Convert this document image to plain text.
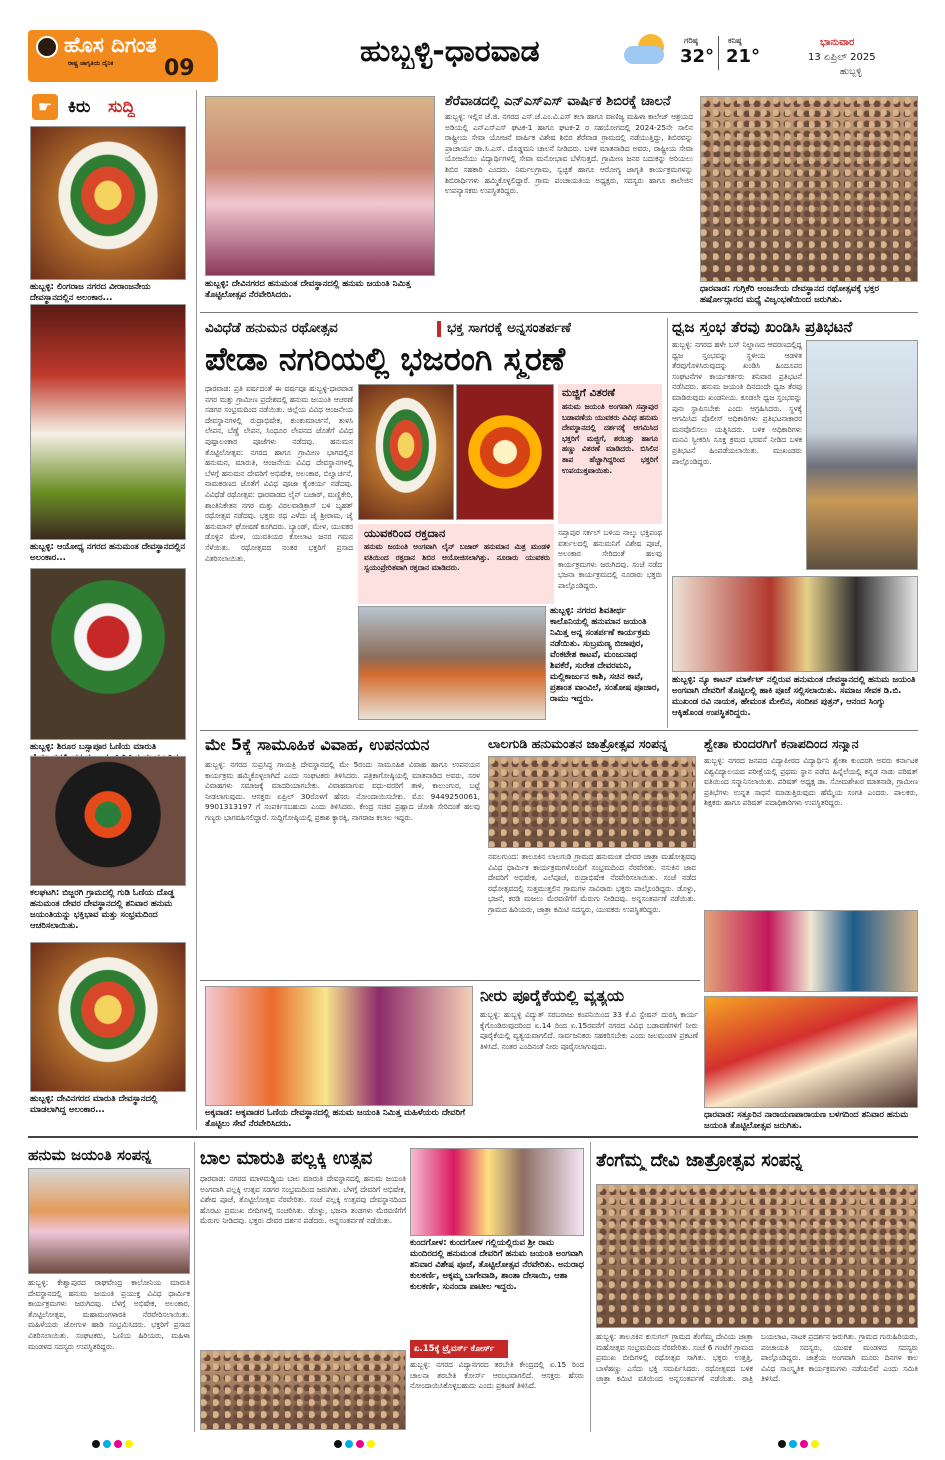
ಹೊಸ ದಿಗಂತ
ರಾಷ್ಟ್ರ ಜಾಗೃತಿಯ ದೈನಿಕ 09	ಹುಬ್ಬಳ್ಳಿ-ಧಾರವಾಡ	ಗರಿಷ್ಠ
32°
ಕನಿಷ್ಠ
21°
ಭಾನುವಾರ
13 ಏಪ್ರಿಲ್ 2025
ಹುಬ್ಬಳ್ಳಿ
☛ ಕಿರು ಸುದ್ದಿ
ಹುಬ್ಬಳ್ಳಿ: ಲಿಂಗರಾಜ ನಗರದ ವೀರಾಂಜನೇಯ ದೇವಸ್ಥಾನದಲ್ಲಿನ ಅಲಂಕಾರ...
ಹುಬ್ಬಳ್ಳಿ: ಆಯೋಧ್ಯ ನಗರದ ಹನುಮಂತ ದೇವಸ್ಥಾನದಲ್ಲಿನ ಅಲಂಕಾರ...
ಹುಬ್ಬಳ್ಳಿ: ಶಿರೂರ ಬಸ್ಸಾಪೂರ ಓಣಿಯ ಮಾರುತಿ
ಕಲಘಟಗಿ: ಬಿಜ್ಜರಗಿ ಗ್ರಾಮದಲ್ಲಿ ಗುಡಿ ಓಣಿಯ ದೊಡ್ಡ ಹನುಮಂತ ದೇವರ ದೇವಸ್ಥಾನದಲ್ಲಿ ಶನಿವಾರ ಹನುಮ ಜಯಂತಿಯನ್ನು ಭಕ್ತಿಭಾವ ಮತ್ತು ಸಂಭ್ರಮದಿಂದ ಆಚರಿಸಲಾಯಿತು.
ಹುಬ್ಬಳ್ಳಿ: ದೇವಿನಗರದ ಮಾರುತಿ ದೇವಸ್ಥಾನದಲ್ಲಿ ಮಾಡಲಾಗಿದ್ದ ಅಲಂಕಾರ...
ಹುಬ್ಬಳ್ಳಿ: ದೇವಿನಗರದ ಹನುಮಂತ ದೇವಸ್ಥಾನದಲ್ಲಿ ಹನುಮ ಜಯಂತಿ ನಿಮಿತ್ತ ತೊಟ್ಟಿಲೋತ್ಸವ ನೆರವೇರಿಸಿದರು.
ಶೆರೆವಾಡದಲ್ಲಿ ಎನ್ಎಸ್ಎಸ್ ವಾರ್ಷಿಕ ಶಿಬಿರಕ್ಕೆ ಚಾಲನೆ
ಹುಬ್ಬಳ್ಳಿ: ಇಲ್ಲಿನ ಜೆ.ಜಿ. ನಗರದ ಎಸ್.ಜೆ.ಎಂ.ವಿ.ಎಸ್ ಕಲಾ ಹಾಗೂ ವಾಣಿಜ್ಯ ಮಹಿಳಾ ಕಾಲೇಜ್ ಆಶ್ರಯದ ಅಡಿಯಲ್ಲಿ ಎನ್ಎಸ್ಎಸ್ ಘಟಕ-1 ಹಾಗೂ ಘಟಕ-2 ರ ಸಹಯೋಗದಲ್ಲಿ 2024-25ನೇ ಸಾಲಿನ ರಾಷ್ಟ್ರೀಯ ಸೇವಾ ಯೋಜನೆ ವಾರ್ಷಿಕ ವಿಶೇಷ ಶಿಬಿರ ಶೆರೆವಾಡ ಗ್ರಾಮದಲ್ಲಿ ನಡೆಯುತ್ತಿದ್ದು, ಶಿಬಿರವನ್ನು ಪ್ರಾಚಾರ್ಯ ಡಾ.ಸಿ.ಎಸ್. ದೊಡ್ಡಮನಿ ಚಾಲನೆ ನೀಡಿದರು. ಬಳಿಕ ಮಾತನಾಡಿದ ಅವರು, ರಾಷ್ಟ್ರೀಯ ಸೇವಾ ಯೋಜನೆಯು ವಿದ್ಯಾರ್ಥಿಗಳಲ್ಲಿ ಸೇವಾ ಮನೋಭಾವ ಬೆಳೆಸುತ್ತದೆ. ಗ್ರಾಮೀಣ ಜನರ ಬದುಕನ್ನು ಅರಿಯಲು ಶಿಬಿರ ಸಹಕಾರಿ ಎಂದರು. ನಿರ್ಮಲಗ್ರಾಮ, ಸ್ವಚ್ಛತೆ ಹಾಗೂ ಆರೋಗ್ಯ ಜಾಗೃತಿ ಕಾರ್ಯಕ್ರಮಗಳನ್ನು ಶಿಬಿರಾರ್ಥಿಗಳು ಹಮ್ಮಿಕೊಳ್ಳಲಿದ್ದಾರೆ. ಗ್ರಾಮ ಪಂಚಾಯತಿಯ ಅಧ್ಯಕ್ಷರು, ಸದಸ್ಯರು ಹಾಗೂ ಕಾಲೇಜಿನ ಉಪನ್ಯಾಸಕರು ಉಪಸ್ಥಿತರಿದ್ದರು.
ಧಾರವಾಡ: ಗುಗ್ಗಿಕೆರಿ ಆಂಜನೇಯ ದೇವಸ್ಥಾನದ ರಥೋತ್ಸವಕ್ಕೆ ಭಕ್ತರ ಹರ್ಷೋದ್ಗಾರದ ಮಧ್ಯೆ ವಿಜೃಂಭಣೆಯಿಂದ ಜರುಗಿತು.
ವಿವಿಧೆಡೆ ಹನುಮನ ರಥೋತ್ಸವ	ಭಕ್ತ ಸಾಗರಕ್ಕೆ ಅನ್ನಸಂತರ್ಪಣೆ
ಪೇಡಾ ನಗರಿಯಲ್ಲಿ ಭಜರಂಗಿ ಸ್ಮರಣೆ
ಧಾರವಾಡ: ಪ್ರತಿ ವರ್ಷದಂತೆ ಈ ವರ್ಷವೂ ಹುಬ್ಬಳ್ಳಿ-ಧಾರವಾಡ ನಗರ ಮತ್ತು ಗ್ರಾಮೀಣ ಪ್ರದೇಶದಲ್ಲಿ ಹನುಮ ಜಯಂತಿ ಆಚರಣೆ ಸಡಗರ ಸಂಭ್ರಮದಿಂದ ನಡೆಯಿತು. ಜಿಲ್ಲೆಯ ವಿವಿಧ ಆಂಜನೇಯ ದೇವಸ್ಥಾನಗಳಲ್ಲಿ ರುದ್ರಾಭಿಷೇಕ, ಕುಂಕುಮಾರ್ಚನೆ, ತುಳಸಿ ಲೇಪನ, ಬೆಣ್ಣೆ ಲೇಪನ, ಸಿಂಧೂರ ಲೇಪನದ ಜೊತೆಗೆ ವಿವಿಧ ಪುಷ್ಪಾಲಂಕಾರ ಪೂಜೆಗಳು ನಡೆದವು. ಹನುಮನ ತೊಟ್ಟಿಲೋತ್ಸವ: ನಗರದ ಹಾಗೂ ಗ್ರಾಮೀಣ ಭಾಗದಲ್ಲಿನ ಹನುಮನ, ಮಾರುತಿ, ಆಂಜನೇಯ ವಿವಿಧ ದೇವಸ್ಥಾನಗಳಲ್ಲಿ ಬೆಳಗ್ಗೆ ಹನುಮನ ದೇವರಿಗೆ ಅಭಿಷೇಕ, ಅಲಂಕಾರ, ಬಿಲ್ವಾರ್ಚನೆ, ನಾಮಕರಣದ ಜೊತೆಗೆ ವಿವಿಧ ಪೂಜಾ ಕೈಂಕರ್ಯ ನಡೆದವು. ವಿವಿಧೆಡೆ ರಥೋತ್ಸವ: ಧಾರವಾಡದ ಲೈನ್ ಬಜಾರ್, ಮಣ್ಣಿಕೇರಿ, ಶಾಂತಿನಿಕೇತನ ನಗರ ಮತ್ತು ವಿಠಲವಾಡಿಕ್ರಾಸ್ ಬಳಿ ಬೃಹತ್ ರಥೋತ್ಸವ ನಡೆದವು. ಭಕ್ತರು ರಥ ಎಳೆದು ಜೈ ಶ್ರೀರಾಮ, ಜೈ ಹನುಮಾನ್ ಘೋಷಣೆ ಕೂಗಿದರು. ಬ್ಯಾಂಡ್, ಮೇಳ, ಯುವಕರ ಡೊಳ್ಳಿನ ಮೇಳ, ಯುವತಿಯರ ಕೋಲಾಟ ಜನರ ಗಮನ ಸೆಳೆಯಿತು. ರಥೋತ್ಸವದ ನಂತರ ಭಕ್ತರಿಗೆ ಪ್ರಸಾದ ವಿತರಿಸಲಾಯಿತು.
ಮಜ್ಜಿಗೆ ವಿತರಣೆ
ಹನುಮ ಜಯಂತಿ ಅಂಗವಾಗಿ ಸಪ್ತಾಪುರ ಬಡಾವಣೆಯ ಯುವಕರು ವಿವಿಧ ಹನುಮ ದೇವಸ್ಥಾನದಲ್ಲಿ ದರ್ಶನಕ್ಕೆ ಆಗಮಿಸಿದ ಭಕ್ತರಿಗೆ ಮಜ್ಜಿಗೆ, ಶರಬತ್ತು ಹಾಗೂ ಹಣ್ಣು ವಿತರಣೆ ಮಾಡಿದರು. ಬಿಸಿಲಿನ ತಾಪ ಹೆಚ್ಚಾಗಿದ್ದರಿಂದ ಭಕ್ತರಿಗೆ ಉಪಯುಕ್ತವಾಯಿತು.
ಸಪ್ತಾಪುರ ಸರ್ಕಲ್ ಬಳಿಯ ನಾಲ್ಕು ಭಕ್ತಿಪಂಥ ವರ್ತುಲದಲ್ಲಿ ಹನುಮನಿಗೆ ವಿಶೇಷ ಪೂಜೆ, ಅಲಂಕಾರ ಸೇರಿದಂತೆ ಹಲವು ಕಾರ್ಯಕ್ರಮಗಳು ಜರುಗಿದವು. ಸಂಜೆ ನಡೆದ ಭಜನಾ ಕಾರ್ಯಕ್ರಮದಲ್ಲಿ ನೂರಾರು ಭಕ್ತರು ಪಾಲ್ಗೊಂಡಿದ್ದರು.
ಯುವಕರಿಂದ ರಕ್ತದಾನ
ಹನುಮ ಜಯಂತಿ ಅಂಗವಾಗಿ ಲೈನ್ ಬಜಾರ್ ಹನುಮಾನ ಮಿತ್ರ ಮಂಡಳಿ ವತಿಯಿಂದ ರಕ್ತದಾನ ಶಿಬಿರ ಆಯೋಜಿಸಲಾಗಿತ್ತು. ನೂರಾರು ಯುವಕರು ಸ್ವಯಂಪ್ರೇರಿತವಾಗಿ ರಕ್ತದಾನ ಮಾಡಿದರು.
ಹುಬ್ಬಳ್ಳಿ: ನಗರದ ಶಿವತೀರ್ಥ ಕಾಲೊನಿಯಲ್ಲಿ ಹನುಮಾನ ಜಯಂತಿ ನಿಮಿತ್ತ ಅನ್ನ ಸಂತರ್ಪಣೆ ಕಾರ್ಯಕ್ರಮ ನಡೆಯಿತು. ಸುಬ್ರಮಣ್ಯ ಬಿಜಾಪುರ, ವೆಂಕಟೇಶ ಕಾಟವೆ, ಮಂಜುನಾಥ ಶಿವಕೆರೆ, ಸುರೇಶ ದೇವರಮನಿ, ಮಲ್ಲಿಕಾರ್ಜುನ ಕಾಶಿ, ಸಚಿನ ಕಾವೆ, ಪ್ರಶಾಂತ ವಾಂವಿಲೆ, ಸಂತೋಷ ಪೂಜಾರ, ರಾಮು ಇದ್ದರು.
ಧ್ವಜ ಸ್ತಂಭ ತೆರವು ಖಂಡಿಸಿ ಪ್ರತಿಭಟನೆ
ಹುಬ್ಬಳ್ಳಿ: ನಗರದ ಹಳೇ ಬಸ್ ನಿಲ್ದಾಣದ ಆವರಣದಲ್ಲಿದ್ದ ಧ್ವಜ ಸ್ತಂಭವನ್ನು ಸ್ಥಳೀಯ ಆಡಳಿತ ತೆರವುಗೊಳಿಸಿರುವುದನ್ನು ಖಂಡಿಸಿ ಹಿಂದೂಪರ ಸಂಘಟನೆಗಳ ಕಾರ್ಯಕರ್ತರು ಶನಿವಾರ ಪ್ರತಿಭಟನೆ ನಡೆಸಿದರು. ಹನುಮ ಜಯಂತಿ ದಿನದಂದೇ ಧ್ವಜ ತೆರವು ಮಾಡಿರುವುದು ಖಂಡನೀಯ. ಕೂಡಲೇ ಧ್ವಜ ಸ್ತಂಭವನ್ನು ಪುನಃ ಸ್ಥಾಪಿಸಬೇಕು ಎಂದು ಆಗ್ರಹಿಸಿದರು. ಸ್ಥಳಕ್ಕೆ ಆಗಮಿಸಿದ ಪೊಲೀಸ್ ಅಧಿಕಾರಿಗಳು ಪ್ರತಿಭಟನಾಕಾರರ ಮನವೊಲಿಸಲು ಯತ್ನಿಸಿದರು. ಬಳಿಕ ಅಧಿಕಾರಿಗಳು ಮನವಿ ಸ್ವೀಕರಿಸಿ ಸೂಕ್ತ ಕ್ರಮದ ಭರವಸೆ ನೀಡಿದ ಬಳಿಕ ಪ್ರತಿಭಟನೆ ಹಿಂಪಡೆಯಲಾಯಿತು. ಮುಖಂಡರು ಪಾಲ್ಗೊಂಡಿದ್ದರು.
ಹುಬ್ಬಳ್ಳಿ: ನ್ಯೂ ಕಾಟನ್ ಮಾರ್ಕೆಟ್ ನಲ್ಲಿರುವ ಹನುಮಂತ ದೇವಸ್ಥಾನದಲ್ಲಿ ಹನುಮ ಜಯಂತಿ ಅಂಗವಾಗಿ ದೇವರಿಗೆ ತೊಟ್ಟಿಲಲ್ಲಿ ಹಾಕಿ ಪೂಜೆ ಸಲ್ಲಿಸಲಾಯಿತು. ಸಮಾಜ ಸೇವಕ ಡಿ.ಬಿ. ಮುಖಂಡ ರವಿ ನಾಯಕ, ಹೇಮಂತ ಮೇಲಿನ, ಸಂದೀಪ ಪುತ್ರನ್, ಆನಂದ ಸಿಂಗ್ಯು ಆಕ್ಕಿಹೊಂಡ ಉಪಸ್ಥಿತರಿದ್ದರು.
ಮೇ 5ಕ್ಕೆ ಸಾಮೂಹಿಕ ವಿವಾಹ, ಉಪನಯನ
ಹುಬ್ಬಳ್ಳಿ: ನಗರದ ಸುಪ್ರಸಿದ್ಧ ಗಾಯತ್ರಿ ದೇವಸ್ಥಾನದಲ್ಲಿ ಮೇ 5ರಂದು ಸಾಮೂಹಿಕ ವಿವಾಹ ಹಾಗೂ ಉಪನಯನ ಕಾರ್ಯಕ್ರಮ ಹಮ್ಮಿಕೊಳ್ಳಲಾಗಿದೆ ಎಂದು ಸಂಘಟಕರು ತಿಳಿಸಿದರು. ಪತ್ರಿಕಾಗೋಷ್ಠಿಯಲ್ಲಿ ಮಾತನಾಡಿದ ಅವರು, ಸರಳ ವಿವಾಹಗಳು ಸಮಾಜಕ್ಕೆ ಮಾದರಿಯಾಗಬೇಕು. ವಿವಾಹವಾಗುವ ವಧು-ವರರಿಗೆ ತಾಳಿ, ಕಾಲುಂಗುರ, ಬಟ್ಟೆ ನೀಡಲಾಗುವುದು. ಆಸಕ್ತರು ಏಪ್ರಿಲ್ 30ರೊಳಗೆ ಹೆಸರು ನೋಂದಾಯಿಸಬೇಕು. ಮೊ: 9449250061, 9901313197 ಗೆ ಸಂಪರ್ಕಿಸಬಹುದು ಎಂದು ತಿಳಿಸಿದರು. ಕೇಂದ್ರ ಸಚಿವ ಪ್ರಹ್ಲಾದ ಜೋಶಿ ಸೇರಿದಂತೆ ಹಲವು ಗಣ್ಯರು ಭಾಗವಹಿಸಲಿದ್ದಾರೆ. ಸುದ್ದಿಗೋಷ್ಠಿಯಲ್ಲಿ ಪ್ರಕಾಶ ಕ್ಯಾರಕ್ಕಿ, ನಾಗರಾಜ ಕಲಾಲ ಇದ್ದರು.
ಲಾಲಗುಡಿ ಹನುಮಂತನ ಜಾತ್ರೋತ್ಸವ ಸಂಪನ್ನ
ನವಲಗುಂದ: ತಾಲೂಕಿನ ಲಾಲಗುಡಿ ಗ್ರಾಮದ ಹನುಮಂತ ದೇವರ ಜಾತ್ರಾ ಮಹೋತ್ಸವವು ವಿವಿಧ ಧಾರ್ಮಿಕ ಕಾರ್ಯಕ್ರಮಗಳೊಂದಿಗೆ ಸಂಭ್ರಮದಿಂದ ನೆರವೇರಿತು. ನಸುಕಿನ ಜಾವ ದೇವರಿಗೆ ಅಭಿಷೇಕ, ಎಲೆಪೂಜೆ, ರುದ್ರಾಭಿಷೇಕ ನೆರವೇರಿಸಲಾಯಿತು. ಸಂಜೆ ನಡೆದ ರಥೋತ್ಸವದಲ್ಲಿ ಸುತ್ತಮುತ್ತಲಿನ ಗ್ರಾಮಗಳ ಸಾವಿರಾರು ಭಕ್ತರು ಪಾಲ್ಗೊಂಡಿದ್ದರು. ಡೊಳ್ಳು, ಭಜನೆ, ಕರಡಿ ಮಜಲು ಮೆರವಣಿಗೆಗೆ ಮೆರುಗು ನೀಡಿದವು. ಅನ್ನಸಂತರ್ಪಣೆ ನಡೆಯಿತು. ಗ್ರಾಮದ ಹಿರಿಯರು, ಜಾತ್ರಾ ಕಮಿಟಿ ಸದಸ್ಯರು, ಯುವಕರು ಉಪಸ್ಥಿತರಿದ್ದರು.
ಶ್ವೇತಾ ಕುಂದರಗಿಗೆ ಕನಾಪದಿಂದ ಸನ್ಮಾನ
ಹುಬ್ಬಳ್ಳಿ: ನಗರದ ಜನಪದ ವಿದ್ಯಾಪೀಠದ ವಿದ್ಯಾರ್ಥಿನಿ ಶ್ವೇತಾ ಕುಂದರಗಿ ಅವರು ಕರ್ನಾಟಕ ವಿಶ್ವವಿದ್ಯಾಲಯದ ಪರೀಕ್ಷೆಯಲ್ಲಿ ಪ್ರಥಮ ಸ್ಥಾನ ಪಡೆದ ಹಿನ್ನೆಲೆಯಲ್ಲಿ ಕನ್ನಡ ನಾಡು ಪರಿಷತ್ ವತಿಯಿಂದ ಸನ್ಮಾನಿಸಲಾಯಿತು. ಪರಿಷತ್ ಅಧ್ಯಕ್ಷ ಡಾ. ಸೋಮಶೇಖರ ಮಾತನಾಡಿ, ಗ್ರಾಮೀಣ ಪ್ರತಿಭೆಗಳು ಉನ್ನತ ಸಾಧನೆ ಮಾಡುತ್ತಿರುವುದು ಹೆಮ್ಮೆಯ ಸಂಗತಿ ಎಂದರು. ಪಾಲಕರು, ಶಿಕ್ಷಕರು ಹಾಗೂ ಪರಿಷತ್ ಪದಾಧಿಕಾರಿಗಳು ಉಪಸ್ಥಿತರಿದ್ದರು.
ಅಕ್ಕವಾಡ: ಅಕ್ಕವಾಡರ ಓಣಿಯ ದೇವಸ್ಥಾನದಲ್ಲಿ ಹನುಮ ಜಯಂತಿ ನಿಮಿತ್ತ ಮಹಿಳೆಯರು ದೇವರಿಗೆ ತೊಟ್ಟಿಲು ಸೇವೆ ನೆರವೇರಿಸಿದರು.
ನೀರು ಪೂರೈಕೆಯಲ್ಲಿ ವ್ಯತ್ಯಯ
ಹುಬ್ಬಳ್ಳಿ: ಹುಬ್ಬಳ್ಳಿ ವಿದ್ಯುತ್ ಸರಬರಾಜು ಕಂಪನಿಯಿಂದ 33 ಕೆ.ವಿ ಸ್ಟೇಷನ್ ದುರಸ್ತಿ ಕಾರ್ಯ ಕೈಗೊಂಡಿರುವುದರಿಂದ ಏ.14 ರಿಂದ ಏ.15ರವರೆಗೆ ನಗರದ ವಿವಿಧ ಬಡಾವಣೆಗಳಿಗೆ ನೀರು ಪೂರೈಕೆಯಲ್ಲಿ ವ್ಯತ್ಯಯವಾಗಲಿದೆ. ಸಾರ್ವಜನಿಕರು ಸಹಕರಿಸಬೇಕು ಎಂದು ಜಲಮಂಡಳಿ ಪ್ರಕಟಣೆ ತಿಳಿಸಿದೆ. ನಂತರ ಎಂದಿನಂತೆ ನೀರು ಪೂರೈಸಲಾಗುವುದು.
ಧಾರವಾಡ: ಸತ್ತೂರಿನ ನಾರಾಯಣಪಾರಾಯಣ ಬಳಗದಿಂದ ಶನಿವಾರ ಹನುಮ ಜಯಂತಿ ತೊಟ್ಟಿಲೋತ್ಸವ ಜರುಗಿತು.
ಹನುಮ ಜಯಂತಿ ಸಂಪನ್ನ
ಹುಬ್ಬಳ್ಳಿ: ಕೇಶ್ವಾಪುರದ ರಾಘವೇಂದ್ರ ಕಾಲೋನಿಯ ಮಾರುತಿ ದೇವಸ್ಥಾನದಲ್ಲಿ ಹನುಮ ಜಯಂತಿ ಪ್ರಯುಕ್ತ ವಿವಿಧ ಧಾರ್ಮಿಕ ಕಾರ್ಯಕ್ರಮಗಳು ಜರುಗಿದವು. ಬೆಳಗ್ಗೆ ಅಭಿಷೇಕ, ಅಲಂಕಾರ, ತೊಟ್ಟಿಲೋತ್ಸವ, ಮಹಾಮಂಗಳಾರತಿ ನೆರವೇರಿಸಲಾಯಿತು. ಮಹಿಳೆಯರು ಜೋಗುಳ ಹಾಡಿ ಸಂಭ್ರಮಿಸಿದರು. ಭಕ್ತರಿಗೆ ಪ್ರಸಾದ ವಿತರಿಸಲಾಯಿತು. ಸಂಘಟಕರು, ಓಣಿಯ ಹಿರಿಯರು, ಮಹಿಳಾ ಮಂಡಳದ ಸದಸ್ಯರು ಉಪಸ್ಥಿತರಿದ್ದರು.
ಬಾಲ ಮಾರುತಿ ಪಲ್ಲಕ್ಕಿ ಉತ್ಸವ
ಧಾರವಾಡ: ನಗರದ ಮಾಳಮಡ್ಡಿಯ ಬಾಲ ಮಾರುತಿ ದೇವಸ್ಥಾನದಲ್ಲಿ ಹನುಮ ಜಯಂತಿ ಅಂಗವಾಗಿ ಪಲ್ಲಕ್ಕಿ ಉತ್ಸವ ಸಡಗರ ಸಂಭ್ರಮದಿಂದ ಜರುಗಿತು. ಬೆಳಗ್ಗೆ ದೇವರಿಗೆ ಅಭಿಷೇಕ, ವಿಶೇಷ ಪೂಜೆ, ತೊಟ್ಟಿಲೋತ್ಸವ ನೆರವೇರಿತು. ಸಂಜೆ ಪಲ್ಲಕ್ಕಿ ಉತ್ಸವವು ದೇವಸ್ಥಾನದಿಂದ ಹೊರಟು ಪ್ರಮುಖ ಬೀದಿಗಳಲ್ಲಿ ಸಂಚರಿಸಿತು. ಡೊಳ್ಳು, ಭಜನಾ ತಂಡಗಳು ಮೆರವಣಿಗೆಗೆ ಮೆರುಗು ನೀಡಿದವು. ಭಕ್ತರು ದೇವರ ದರ್ಶನ ಪಡೆದರು. ಅನ್ನಸಂತರ್ಪಣೆ ನಡೆಯಿತು.
ಕುಂದಗೋಳ: ಕುಂದಗೋಳ ಗಲ್ಲಿಯಲ್ಲಿರುವ ಶ್ರೀ ರಾಮ ಮಂದಿರದಲ್ಲಿ ಹನುಮಂತ ದೇವರಿಗೆ ಹನುಮ ಜಯಂತಿ ಅಂಗವಾಗಿ ಶನಿವಾರ ವಿಶೇಷ ಪೂಜೆ, ತೊಟ್ಟಿಲೋತ್ಸವ ನೆರವೇರಿತು. ಅನುರಾಧ ಕುಲಕರ್ಣಿ, ಅಕ್ಕಮ್ಮ ಬಾಗೇವಾಡಿ, ಶಾಂತಾ ದೇಸಾಯಿ, ಆಶಾ ಕುಲಕರ್ಣಿ, ಸುನಂದಾ ಪಾಟೀಲ ಇದ್ದರು.
ಏ.15ಕ್ಕೆ ಟ್ರೈವರ್ಸ್ ಕೋರ್ಸ್
ಹುಬ್ಬಳ್ಳಿ: ನಗರದ ವಿದ್ಯಾನಗರದ ತರಬೇತಿ ಕೇಂದ್ರದಲ್ಲಿ ಏ.15 ರಿಂದ ಚಾಲನಾ ತರಬೇತಿ ಕೋರ್ಸ್ ಆರಂಭವಾಗಲಿದೆ. ಆಸಕ್ತರು ಹೆಸರು ನೋಂದಾಯಿಸಿಕೊಳ್ಳಬಹುದು ಎಂದು ಪ್ರಕಟಣೆ ತಿಳಿಸಿದೆ.
ತೆಂಗೆಮ್ಮ ದೇವಿ ಜಾತ್ರೋತ್ಸವ ಸಂಪನ್ನ
ಹುಬ್ಬಳ್ಳಿ: ತಾಲೂಕಿನ ಕುಸುಗಲ್ ಗ್ರಾಮದ ತೆಂಗೆಮ್ಮ ದೇವಿಯ ಜಾತ್ರಾ ಮಹೋತ್ಸವ ಸಂಭ್ರಮದಿಂದ ನೆರವೇರಿತು. ಸಂಜೆ 6 ಗಂಟೆಗೆ ಗ್ರಾಮದ ಪ್ರಮುಖ ಬೀದಿಗಳಲ್ಲಿ ರಥೋತ್ಸವ ಸಾಗಿತು. ಭಕ್ತರು ಉತ್ತತ್ತಿ, ಬಾಳೆಹಣ್ಣು ಎಸೆದು ಭಕ್ತಿ ಸಮರ್ಪಿಸಿದರು. ರಥೋತ್ಸವದ ಬಳಿಕ ಜಾತ್ರಾ ಕಮಿಟಿ ವತಿಯಿಂದ ಅನ್ನಸಂತರ್ಪಣೆ ನಡೆಯಿತು. ರಾತ್ರಿ ಬಯಲಾಟ, ನಾಟಕ ಪ್ರದರ್ಶನ ಜರುಗಿತು. ಗ್ರಾಮದ ಗುರುಹಿರಿಯರು, ಪಂಚಾಯತಿ ಸದಸ್ಯರು, ಯುವಕ ಮಂಡಳದ ಸದಸ್ಯರು ಪಾಲ್ಗೊಂಡಿದ್ದರು. ಜಾತ್ರೆಯ ಅಂಗವಾಗಿ ಮೂರು ದಿನಗಳ ಕಾಲ ವಿವಿಧ ಸಾಂಸ್ಕೃತಿಕ ಕಾರ್ಯಕ್ರಮಗಳು ನಡೆಯಲಿವೆ ಎಂದು ಸಮಿತಿ ತಿಳಿಸಿದೆ.
